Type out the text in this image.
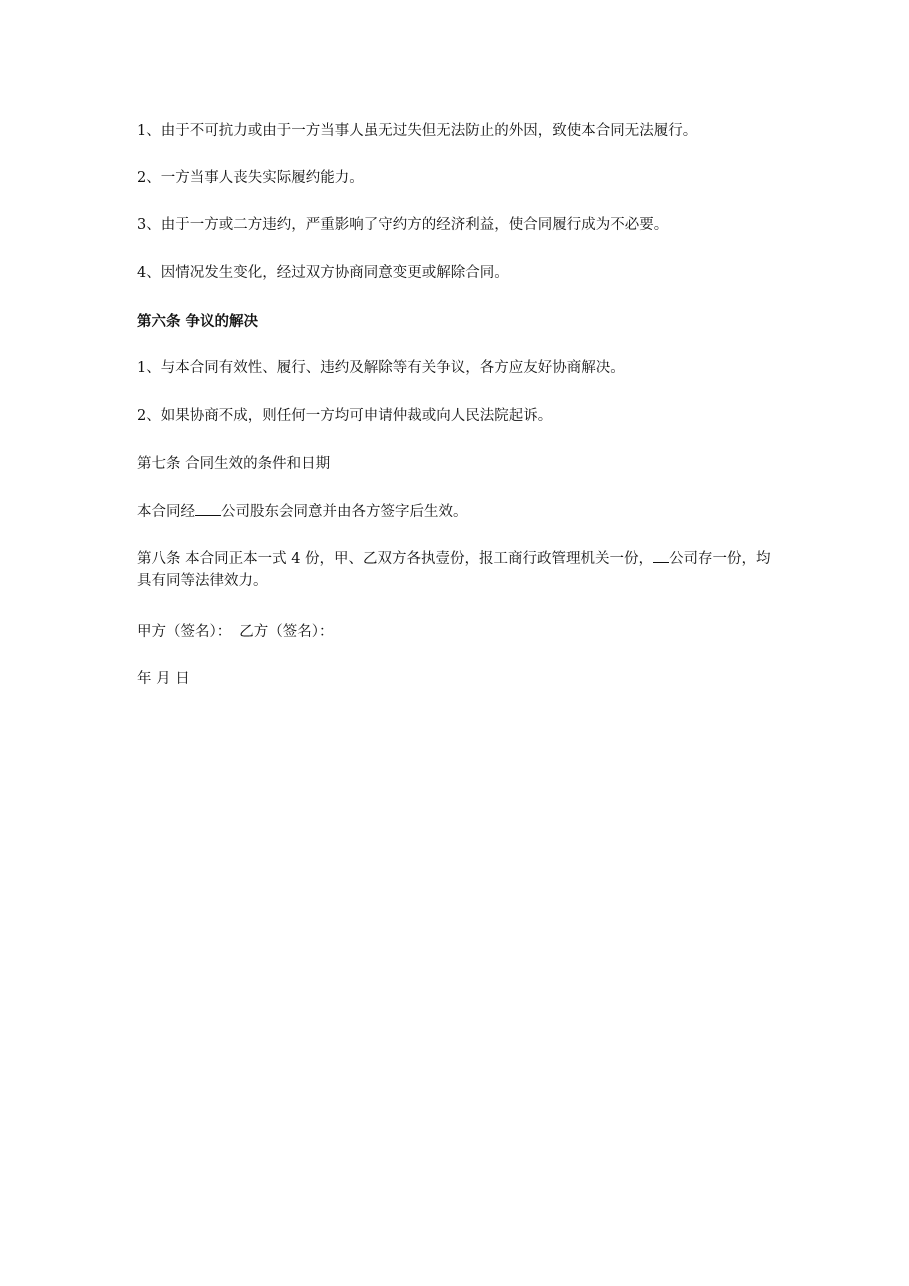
1、由于不可抗力或由于一方当事人虽无过失但无法防止的外因，致使本合同无法履行。
2、一方当事人丧失实际履约能力。
3、由于一方或二方违约，严重影响了守约方的经济利益，使合同履行成为不必要。
4、因情况发生变化，经过双方协商同意变更或解除合同。
第六条 争议的解决
1、与本合同有效性、履行、违约及解除等有关争议，各方应友好协商解决。
2、如果协商不成，则任何一方均可申请仲裁或向人民法院起诉。
第七条 合同生效的条件和日期
本合同经 公司股东会同意并由各方签字后生效。
第八条 本合同正本一式 4 份，甲、乙双方各执壹份，报工商行政管理机关一份， 公司存一份，均具有同等法律效力。
甲方（签名）： 乙方（签名）：
年 月 日
